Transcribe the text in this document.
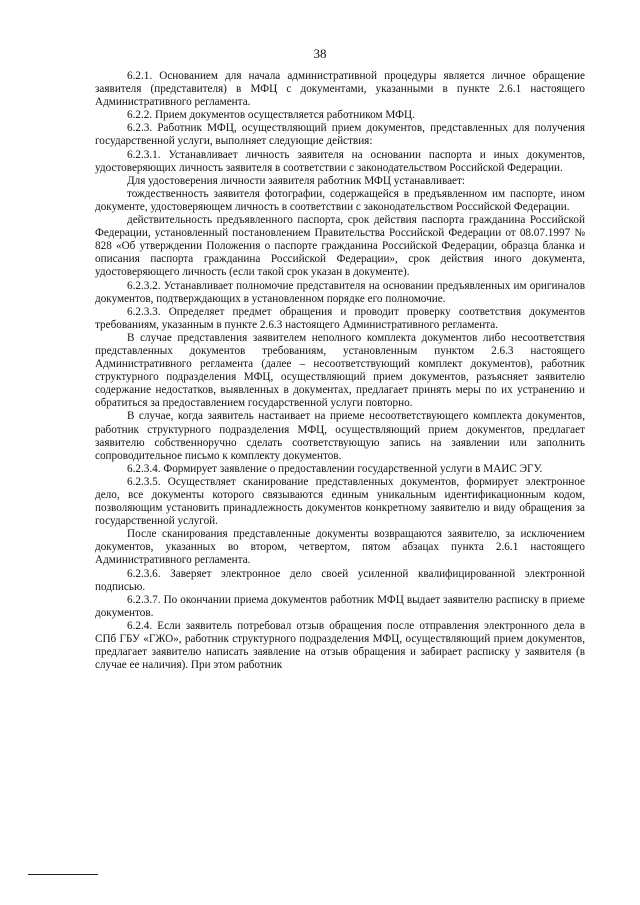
38

6.2.1. Основанием для начала административной процедуры является личное обращение заявителя (представителя) в МФЦ с документами, указанными в пункте 2.6.1 настоящего Административного регламента.

6.2.2. Прием документов осуществляется работником МФЦ.

6.2.3. Работник МФЦ, осуществляющий прием документов, представленных для получения государственной услуги, выполняет следующие действия:

6.2.3.1. Устанавливает личность заявителя на основании паспорта и иных документов, удостоверяющих личность заявителя в соответствии с законодательством Российской Федерации.

Для удостоверения личности заявителя работник МФЦ устанавливает:

тождественность заявителя фотографии, содержащейся в предъявленном им паспорте, ином документе, удостоверяющем личность в соответствии с законодательством Российской Федерации.

действительность предъявленного паспорта, срок действия паспорта гражданина Российской Федерации, установленный постановлением Правительства Российской Федерации от 08.07.1997 № 828 «Об утверждении Положения о паспорте гражданина Российской Федерации, образца бланка и описания паспорта гражданина Российской Федерации», срок действия иного документа, удостоверяющего личность (если такой срок указан в документе).

6.2.3.2. Устанавливает полномочие представителя на основании предъявленных им оригиналов документов, подтверждающих в установленном порядке его полномочие.

6.2.3.3. Определяет предмет обращения и проводит проверку соответствия документов требованиям, указанным в пункте 2.6.3 настоящего Административного регламента.

В случае представления заявителем неполного комплекта документов либо несоответствия представленных документов требованиям, установленным пунктом 2.6.3 настоящего Административного регламента (далее – несоответствующий комплект документов), работник структурного подразделения МФЦ, осуществляющий прием документов, разъясняет заявителю содержание недостатков, выявленных в документах, предлагает принять меры по их устранению и обратиться за предоставлением государственной услуги повторно.

В случае, когда заявитель настаивает на приеме несоответствующего комплекта документов, работник структурного подразделения МФЦ, осуществляющий прием документов, предлагает заявителю собственноручно сделать соответствующую запись на заявлении или заполнить сопроводительное письмо к комплекту документов.

6.2.3.4. Формирует заявление о предоставлении государственной услуги в МАИС ЭГУ.

6.2.3.5. Осуществляет сканирование представленных документов, формирует электронное дело, все документы которого связываются единым уникальным идентификационным кодом, позволяющим установить принадлежность документов конкретному заявителю и виду обращения за государственной услугой.

После сканирования представленные документы возвращаются заявителю, за исключением документов, указанных во втором, четвертом, пятом абзацах пункта 2.6.1 настоящего Административного регламента.

6.2.3.6. Заверяет электронное дело своей усиленной квалифицированной электронной подписью.

6.2.3.7. По окончании приема документов работник МФЦ выдает заявителю расписку в приеме документов.

6.2.4. Если заявитель потребовал отзыв обращения после отправления электронного дела в СПб ГБУ «ГЖО», работник структурного подразделения МФЦ, осуществляющий прием документов, предлагает заявителю написать заявление на отзыв обращения и забирает расписку у заявителя (в случае ее наличия). При этом работник
